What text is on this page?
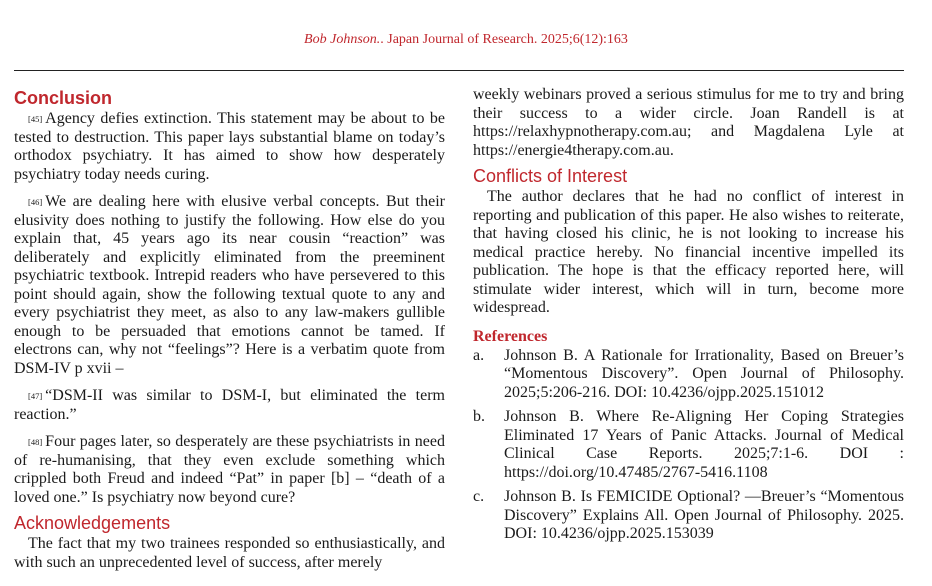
Bob Johnson.. Japan Journal of Research. 2025;6(12):163
Conclusion

[45] Agency defies extinction. This statement may be about to be tested to destruction. This paper lays substantial blame on today’s orthodox psychiatry. It has aimed to show how desperately psychiatry today needs curing.

[46] We are dealing here with elusive verbal concepts. But their elusivity does nothing to justify the following. How else do you explain that, 45 years ago its near cousin “reaction” was deliberately and explicitly eliminated from the preeminent psychiatric textbook. Intrepid readers who have persevered to this point should again, show the following textual quote to any and every psychiatrist they meet, as also to any law-makers gullible enough to be persuaded that emotions cannot be tamed. If electrons can, why not “feelings”? Here is a verbatim quote from DSM-IV p xvii –

[47] “DSM-II was similar to DSM-I, but eliminated the term reaction.”

[48] Four pages later, so desperately are these psychiatrists in need of re-humanising, that they even exclude something which crippled both Freud and indeed “Pat” in paper [b] – “death of a loved one.” Is psychiatry now beyond cure?

Acknowledgements

The fact that my two trainees responded so enthusiastically, and with such an unprecedented level of success, after merely

weekly webinars proved a serious stimulus for me to try and bring their success to a wider circle. Joan Randell is at https://relaxhypnotherapy.com.au; and Magdalena Lyle at https://energie4therapy.com.au.

Conflicts of Interest

The author declares that he had no conflict of interest in reporting and publication of this paper. He also wishes to reiterate, that having closed his clinic, he is not looking to increase his medical practice hereby. No financial incentive impelled its publication. The hope is that the efficacy reported here, will stimulate wider interest, which will in turn, become more widespread.

References
a.	Johnson B. A Rationale for Irrationality, Based on Breuer’s “Momentous Discovery”. Open Journal of Philosophy. 2025;5:206-216. DOI: 10.4236/ojpp.2025.151012
b.	Johnson B. Where Re-Aligning Her Coping Strategies Eliminated 17 Years of Panic Attacks. Journal of Medical Clinical Case Reports. 2025;7:1-6. DOI : https://doi.org/10.47485/2767-5416.1108
c.	Johnson B. Is FEMICIDE Optional? —Breuer’s “Momentous Discovery” Explains All. Open Journal of Philosophy. 2025. DOI: 10.4236/ojpp.2025.153039
